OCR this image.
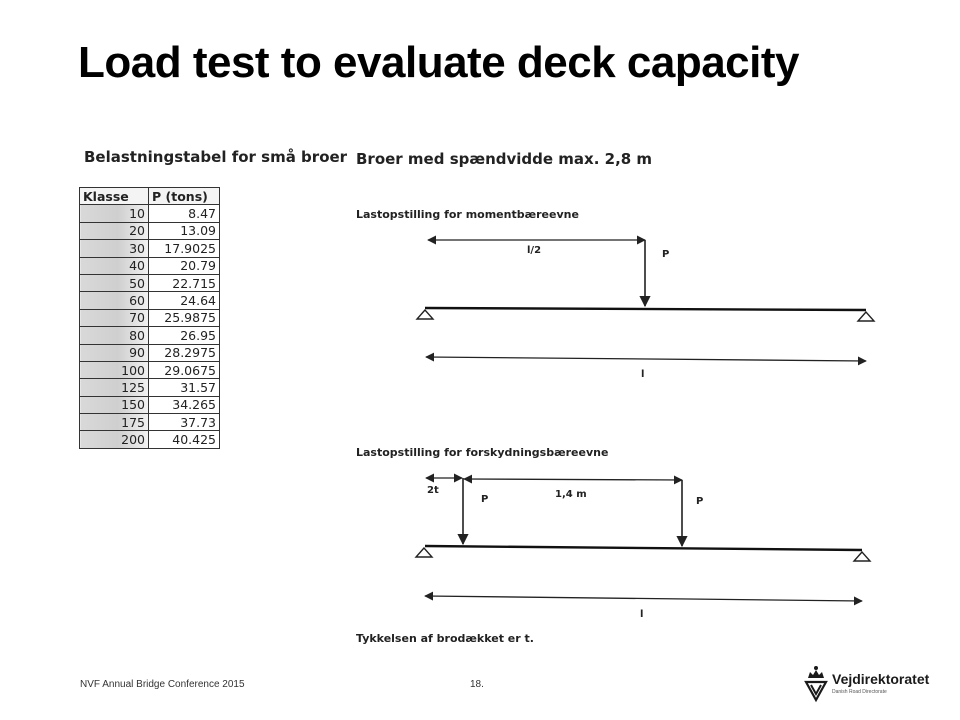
Load test to evaluate deck capacity
Belastningstabel for små broer
Klasse	P (tons)
10	8.47
20	13.09
30	17.9025
40	20.79
50	22.715
60	24.64
70	25.9875
80	26.95
90	28.2975
100	29.0675
125	31.57
150	34.265
175	37.73
200	40.425
Broer med spændvidde max. 2,8 m
Lastopstilling for momentbæreevne
Lastopstilling for forskydningsbæreevne
Tykkelsen af brodækket er t.
l/2	P
l
2t	1,4 m
P	P
l
NVF Annual Bridge Conference 2015	18.	Vejdirektoratet
Danish Road Directorate
